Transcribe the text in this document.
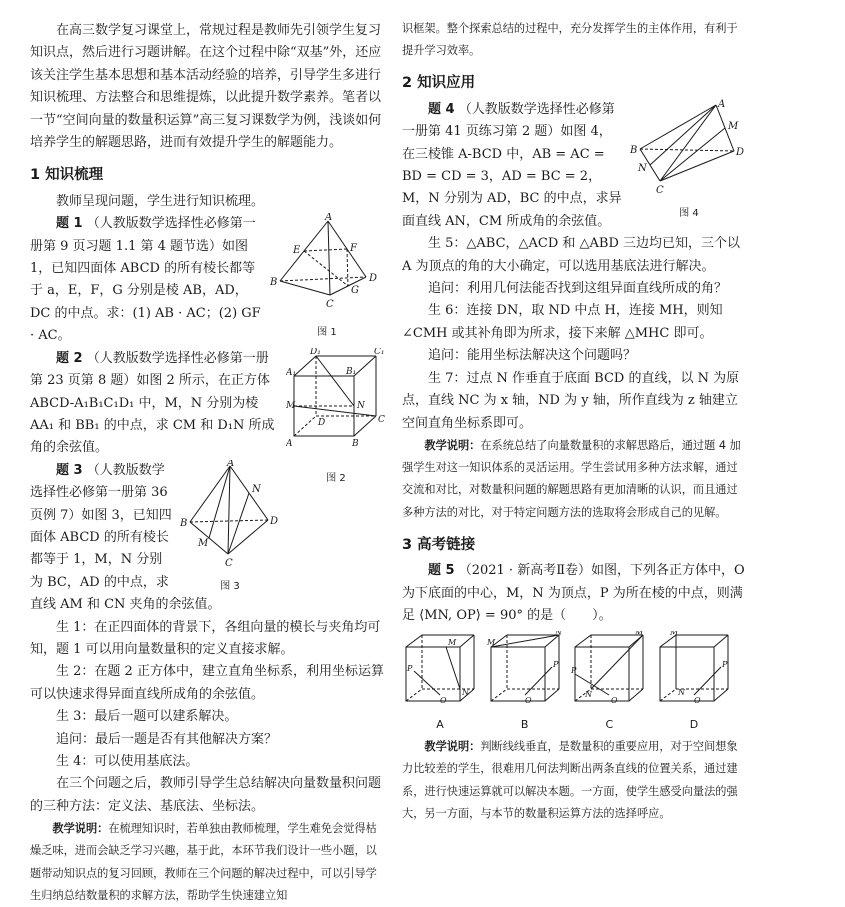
在高三数学复习课堂上，常规过程是教师先引领学生复习知识点，然后进行习题讲解。在这个过程中除“双基”外，还应该关注学生基本思想和基本活动经验的培养，引导学生多进行知识梳理、方法整合和思维提炼，以此提升数学素养。笔者以一节“空间向量的数量积运算”高三复习课数学为例，浅谈如何培养学生的解题思路，进而有效提升学生的解题能力。

1 知识梳理

教师呈现问题，学生进行知识梳理。

A
E	F
B	D
G
C
图 1

题 1 （人教版数学选择性必修第一册第 9 页习题 1.1 第 4 题节选）如图 1，已知四面体 ABCD 的所有棱长都等于 a，E，F，G 分别是棱 AB，AD，DC 的中点。求：(1) AB · AC；(2) GF · AC。

D₁	C₁
A₁	B₁
M	N
D	C
A	B
图 2

题 2 （人教版数学选择性必修第一册第 23 页第 8 题）如图 2 所示，在正方体 ABCD-A₁B₁C₁D₁ 中，M，N 分别为棱 AA₁ 和 BB₁ 的中点，求 CM 和 D₁N 所成角的余弦值。

A
N
B	D
M
C
图 3

题 3 （人教版数学选择性必修第一册第 36 页例 7）如图 3，已知四面体 ABCD 的所有棱长都等于 1，M，N 分别为 BC，AD 的中点，求直线 AM 和 CN 夹角的余弦值。

生 1：在正四面体的背景下，各组向量的模长与夹角均可知，题 1 可以用向量数量积的定义直接求解。

生 2：在题 2 正方体中，建立直角坐标系，利用坐标运算可以快速求得异面直线所成角的余弦值。

生 3：最后一题可以建系解决。

追问：最后一题是否有其他解决方案？

生 4：可以使用基底法。

在三个问题之后，教师引导学生总结解决向量数量积问题的三种方法：定义法、基底法、坐标法。

教学说明：在梳理知识时，若单独由教师梳理，学生难免会觉得枯燥乏味，进而会缺乏学习兴趣，基于此，本环节我们设计一些小题，以题带动知识点的复习回顾，教师在三个问题的解决过程中，可以引导学生归纳总结数量积的求解方法，帮助学生快速建立知

识框架。整个探索总结的过程中，充分发挥学生的主体作用，有利于提升学习效率。

2 知识应用
A
M
B	D
N
C
图 4

题 4 （人教版数学选择性必修第一册第 41 页练习第 2 题）如图 4，在三棱锥 A-BCD 中，AB = AC = BD = CD = 3，AD = BC = 2，M，N 分别为 AD，BC 的中点，求异面直线 AN，CM 所成角的余弦值。

生 5：△ABC，△ACD 和 △ABD 三边均已知，三个以 A 为顶点的角的大小确定，可以选用基底法进行解决。

追问：利用几何法能否找到这组异面直线所成的角？

生 6：连接 DN，取 ND 中点 H，连接 MH，则知 ∠CMH 或其补角即为所求，接下来解 △MHC 即可。

追问：能用坐标法解决这个问题吗？

生 7：过点 N 作垂直于底面 BCD 的直线，以 N 为原点，直线 NC 为 x 轴，ND 为 y 轴，所作直线为 z 轴建立空间直角坐标系即可。

教学说明：在系统总结了向量数量积的求解思路后，通过题 4 加强学生对这一知识体系的灵活运用。学生尝试用多种方法求解，通过交流和对比，对数量积问题的解题思路有更加清晰的认识，而且通过多种方法的对比，对于特定问题方法的选取将会形成自己的见解。

3 高考链接

题 5 （2021 · 新高考Ⅱ卷）如图，下列各正方体中，O 为下底面的中心，M，N 为顶点，P 为所在棱的中点，则满足 ⟨MN, OP⟩ = 90° 的是（　　）。

M
N
P
O
A
M
N
P
O
B
M
N
P
O
C
M
N
P
O
D

教学说明：判断线线垂直，是数量积的重要应用，对于空间想象力比较差的学生，很难用几何法判断出两条直线的位置关系，通过建系，进行快速运算就可以解决本题。一方面，使学生感受向量法的强大，另一方面，与本节的数量积运算方法的选择呼应。
